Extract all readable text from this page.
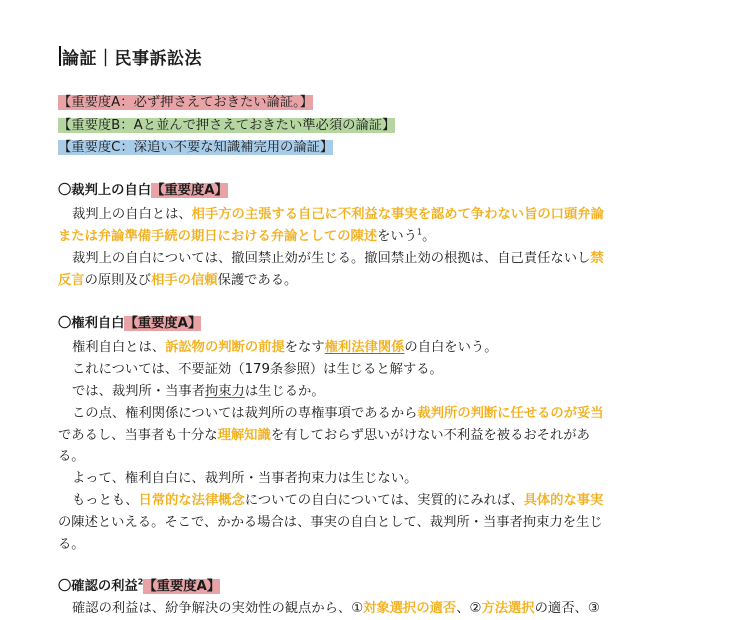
論証｜民事訴訟法
【重要度A：必ず押さえておきたい論証。】
【重要度B：Aと並んで押さえておきたい準必須の論証】
【重要度C：深追い不要な知識補完用の論証】
〇裁判上の自白【重要度A】
裁判上の自白とは、相手方の主張する自己に不利益な事実を認めて争わない旨の口頭弁論
または弁論準備手続の期日における弁論としての陳述をいう$^1$。
裁判上の自白については、撤回禁止効が生じる。撤回禁止効の根拠は、自己責任ないし禁
反言の原則及び相手の信頼保護である。
〇権利自白【重要度A】
権利自白とは、訴訟物の判断の前提をなす権利法律関係の自白をいう。
これについては、不要証効（179条参照）は生じると解する。
では、裁判所・当事者拘束力は生じるか。
この点、権利関係については裁判所の専権事項であるから裁判所の判断に任せるのが妥当
であるし、当事者も十分な理解知識を有しておらず思いがけない不利益を被るおそれがあ
る。
よって、権利自白に、裁判所・当事者拘束力は生じない。
もっとも、日常的な法律概念についての自白については、実質的にみれば、具体的な事実
の陳述といえる。そこで、かかる場合は、事実の自白として、裁判所・当事者拘束力を生じ
る。
〇確認の利益$^2$【重要度A】
確認の利益は、紛争解決の実効性の観点から、①対象選択の適否、②方法選択の適否、③
